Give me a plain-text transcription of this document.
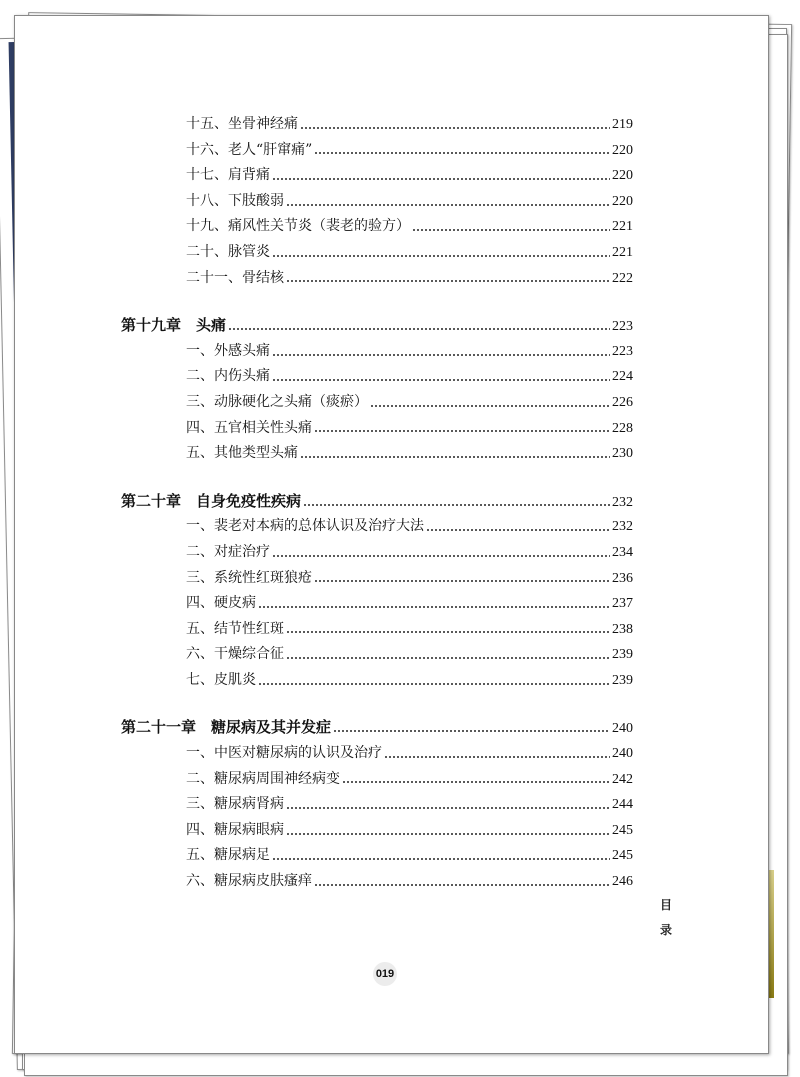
十五、坐骨神经痛	219
十六、老人“肝窜痛”	220
十七、肩背痛	220
十八、下肢酸弱	220
十九、痛风性关节炎（裴老的验方）	221
二十、脉管炎	221
二十一、骨结核	222
第十九章　头痛	223
一、外感头痛	223
二、内伤头痛	224
三、动脉硬化之头痛（痰瘀）	226
四、五官相关性头痛	228
五、其他类型头痛	230
第二十章　自身免疫性疾病	232
一、裴老对本病的总体认识及治疗大法	232
二、对症治疗	234
三、系统性红斑狼疮	236
四、硬皮病	237
五、结节性红斑	238
六、干燥综合征	239
七、皮肌炎	239
第二十一章　糖尿病及其并发症	240
一、中医对糖尿病的认识及治疗	240
二、糖尿病周围神经病变	242
三、糖尿病肾病	244
四、糖尿病眼病	245
五、糖尿病足	245
六、糖尿病皮肤瘙痒	246
目
录
019
